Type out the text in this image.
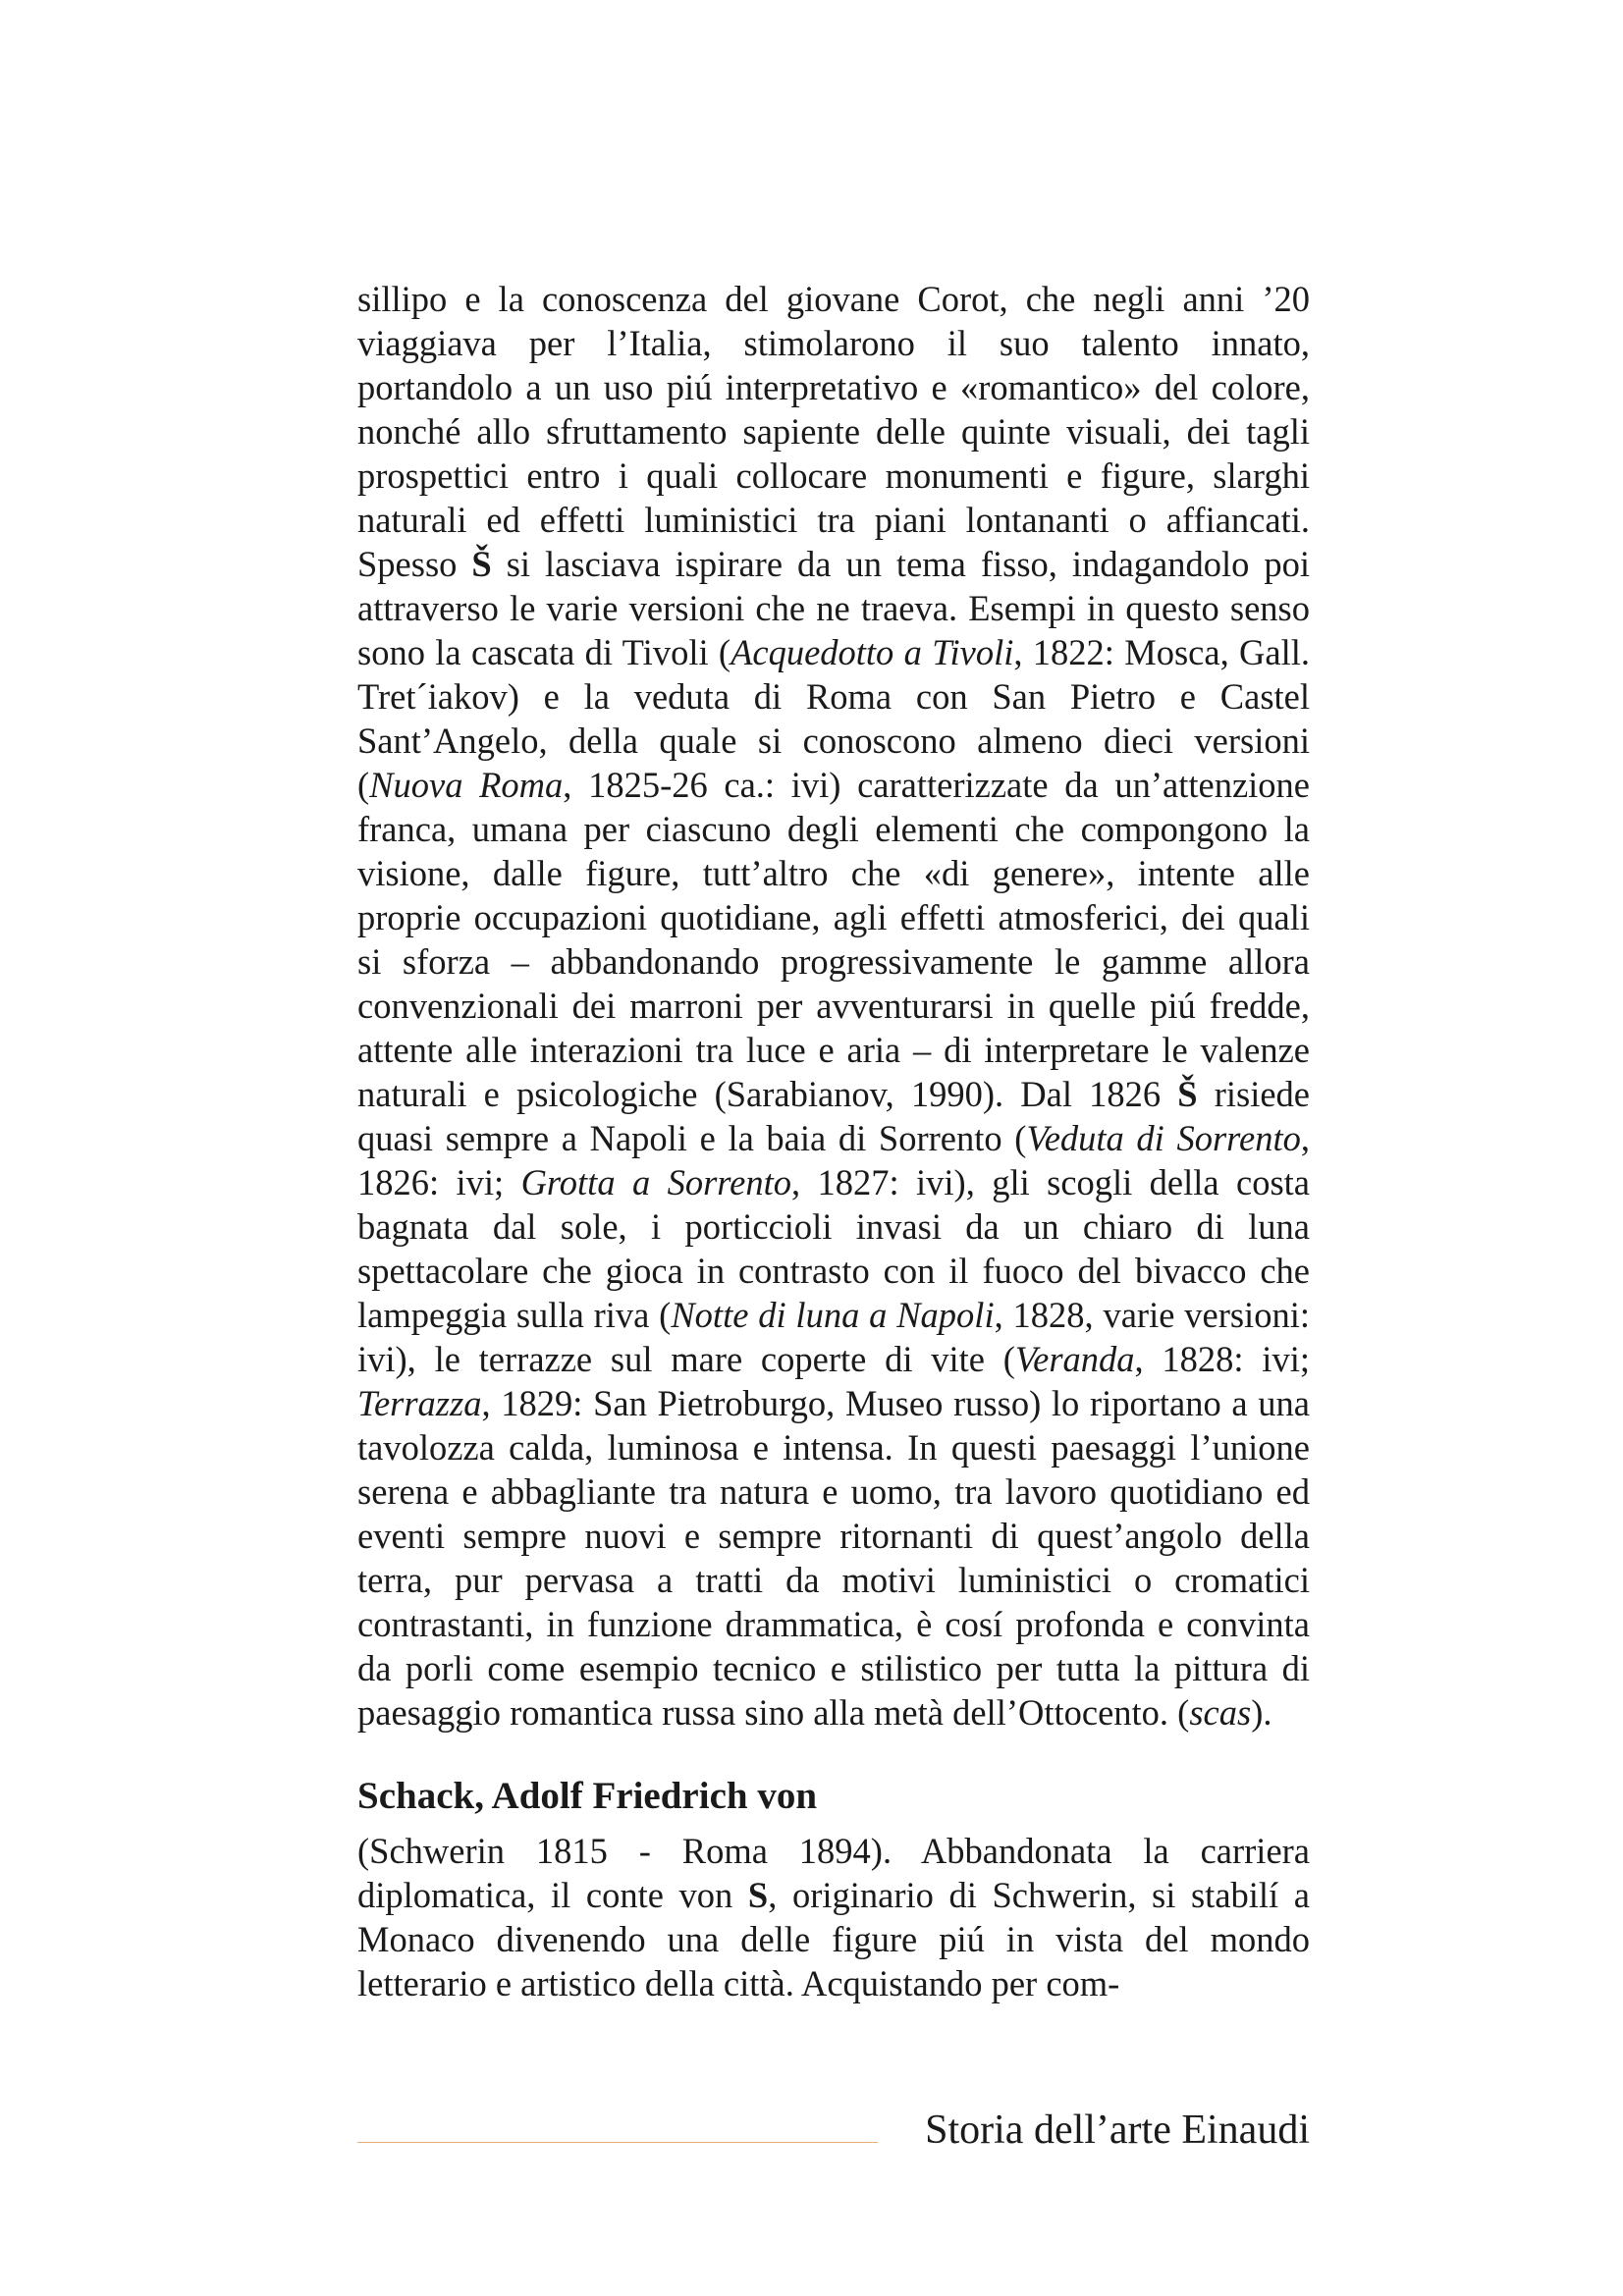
sillipo e la conoscenza del giovane Corot, che negli anni ’20 viaggiava per l’Italia, stimolarono il suo talento innato, portandolo a un uso piú interpretativo e «romantico» del colore, nonché allo sfruttamento sapiente delle quinte visuali, dei tagli prospettici entro i quali collocare monumenti e figure, slarghi naturali ed effetti luministici tra piani lontananti o affiancati. Spesso Š si lasciava ispirare da un tema fisso, indagandolo poi attraverso le varie versioni che ne traeva. Esempi in questo senso sono la cascata di Tivoli (Acquedotto a Tivoli, 1822: Mosca, Gall. Tret´iakov) e la veduta di Roma con San Pietro e Castel Sant’Angelo, della quale si conoscono almeno dieci versioni (Nuova Roma, 1825-26 ca.: ivi) caratterizzate da un’attenzione franca, umana per ciascuno degli elementi che compongono la visione, dalle figure, tutt’altro che «di genere», intente alle proprie occupazioni quotidiane, agli effetti atmosferici, dei quali si sforza – abbandonando progressivamente le gamme allora convenzionali dei marroni per avventurarsi in quelle piú fredde, attente alle interazioni tra luce e aria – di interpretare le valenze naturali e psicologiche (Sarabianov, 1990). Dal 1826 Š risiede quasi sempre a Napoli e la baia di Sorrento (Veduta di Sorrento, 1826: ivi; Grotta a Sorrento, 1827: ivi), gli scogli della costa bagnata dal sole, i porticcioli invasi da un chiaro di luna spettacolare che gioca in contrasto con il fuoco del bivacco che lampeggia sulla riva (Notte di luna a Napoli, 1828, varie versioni: ivi), le terrazze sul mare coperte di vite (Veranda, 1828: ivi; Terrazza, 1829: San Pietroburgo, Museo russo) lo riportano a una tavolozza calda, luminosa e intensa. In questi paesaggi l’unione serena e abbagliante tra natura e uomo, tra lavoro quotidiano ed eventi sempre nuovi e sempre ritornanti di quest’angolo della terra, pur pervasa a tratti da motivi luministici o cromatici contrastanti, in funzione drammatica, è cosí profonda e convinta da porli come esempio tecnico e stilistico per tutta la pittura di paesaggio romantica russa sino alla metà dell’Ottocento. (scas).

Schack, Adolf Friedrich von

(Schwerin 1815 - Roma 1894). Abbandonata la carriera diplomatica, il conte von S, originario di Schwerin, si stabilí a Monaco divenendo una delle figure piú in vista del mondo letterario e artistico della città. Acquistando per com-

Storia dell’arte Einaudi
